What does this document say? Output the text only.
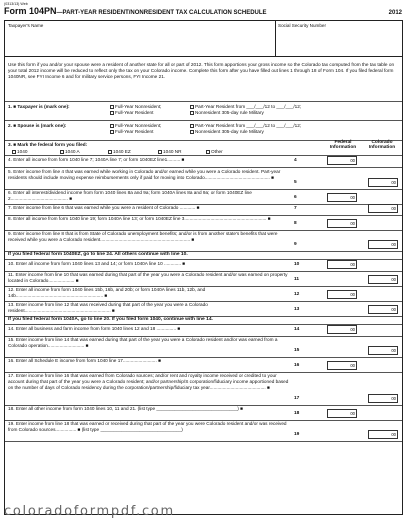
(0313/13) Web
Form 104PN—PART-YEAR RESIDENT/NONRESIDENT TAX CALCULATION SCHEDULE	2012
Taxpayer's Name	Social Security Number
Use this form if you and/or your spouse were a resident of another state for all or part of 2012. This form apportions your gross income so the Colorado tax computed from the tax table on your total 2012 income will be reduced to reflect only the tax on your Colorado income. Complete this form after you have filled out lines 1 through 18 of Form 104. If you filed federal form 1040NR, see FYI Income 6 and for military service persons, FYI Income 21.
1. ■ Taxpayer is (mark one):	Full-Year Nonresident;
Full-Year Resident
Part-Year Resident from ___/___/12 to ___/___/12;
Nonresident 305-day rule Military
2. ■ Spouse is (mark one):	Full-Year Nonresident;
Full-Year Resident
Part-Year Resident from ___/___/12 to ___/___/12;
Nonresident 305-day rule Military
3. ■ Mark the federal form you filed:
1040	1040 A	1040 EZ	1040 NR	Other
Federal Information
Colorado Information
4. Enter all income from form 1040 line 7; 1040A line 7; or form 1040EZ line1.......... ■	4	00
5. Enter income from line 4 that was earned while working in Colorado and/or earned while you were a Colorado resident. Part-year residents should include moving expense reimbursements only if paid for moving into Colorado.................................................. ■
5	00
6. Enter all interest/dividend income from form 1040 lines 8a and 9a; form 1040A lines 8a and 9a; or form 1040EZ line 2............................................ ■	6	00
7. Enter income from line 6 that was earned while you were a resident of Colorado ............ ■	7	00
8. Enter all income from form 1040 line 19; form 1040A line 13; or form 1040EZ line 3............................................................... ■
8	00
9. Enter income from line 8 that is from State of Colorado unemployment benefits; and/or is from another state's benefits that were received while you were a Colorado resident..................................................................... ■
9	00
If you filed federal form 1040EZ, go to line 24. All others continue with line 10.
10. Enter all income from form 1040 lines 13 and 14; or form 1040A line 10 ............. ■	10	00
11. Enter income from line 10 that was earned during that part of the year you were a Colorado resident and/or was earned on property located in Colorado.................... ■	11	00
12. Enter all income from form 1040 lines 15b, 16b, and 20b; or form 1040A lines 11b, 12b, and 14b................................................................... ■	12	00
13. Enter income from line 12 that was received during that part of the year you were a Colorado resident.................................................................. ■	13	00
If you filed federal form 1040A, go to line 20. If you filed form 1040, continue with line 14.
14. Enter all business and farm income from form 1040 lines 12 and 18 ............... ■	14	00
15. Enter income from line 14 that was earned during that part of the year you were a Colorado resident and/or was earned from a Colorado operation............................ ■
15	00
16. Enter all Schedule E income from form 1040 line 17.......................... ■
16	00
17. Enter income from line 16 that was earned from Colorado sources; and/or rent and royalty income received or credited to your account during that part of the year you were a Colorado resident; and/or partnership/S corporation/fiduciary income apportioned based on the number of days of Colorado residency during the corporation/partnership/fiduciary tax year........................................... ■
17	00
18. Enter all other income from form 1040 lines 10, 11 and 21. (list type _______________________________) ■
18	00
19. Enter income from line 18 that was earned or received during that part of the year you were Colorado resident and/or was received from Colorado sources................ ■ (list type _______________________________)
19	00
coloradoformpdf.com
